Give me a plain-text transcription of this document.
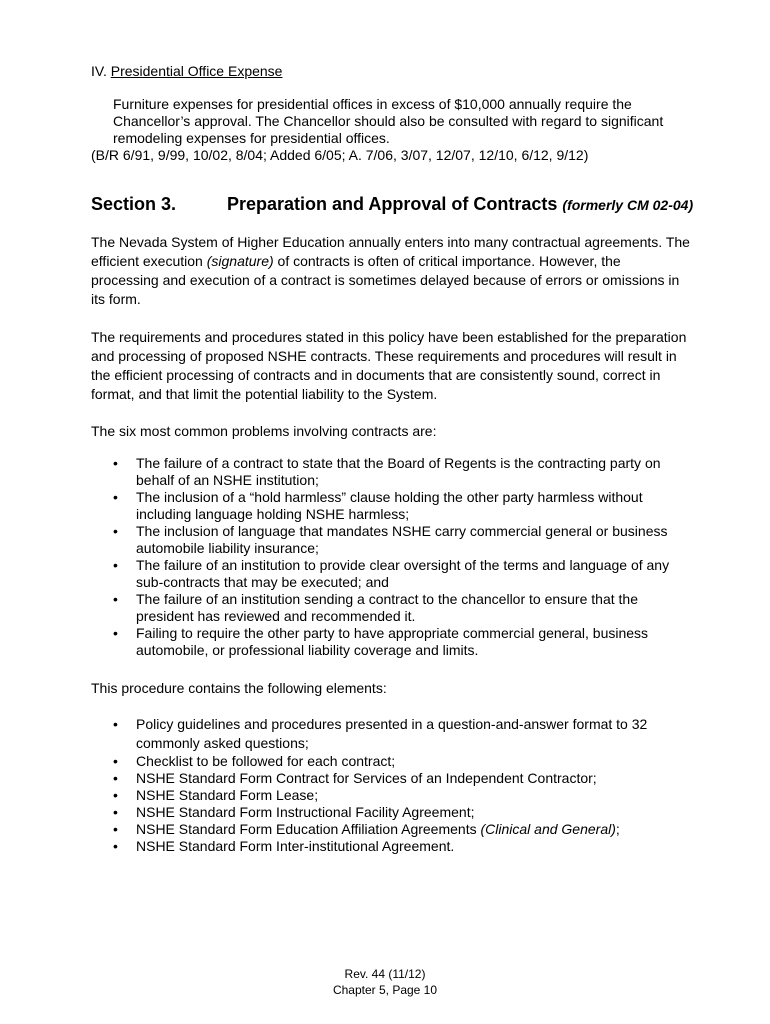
IV. Presidential Office Expense
Furniture expenses for presidential offices in excess of $10,000 annually require the Chancellor’s approval. The Chancellor should also be consulted with regard to significant remodeling expenses for presidential offices.
(B/R 6/91, 9/99, 10/02, 8/04; Added 6/05; A. 7/06, 3/07, 12/07, 12/10, 6/12, 9/12)
Section 3.	Preparation and Approval of Contracts (formerly CM 02-04)
The Nevada System of Higher Education annually enters into many contractual agreements. The efficient execution (signature) of contracts is often of critical importance. However, the processing and execution of a contract is sometimes delayed because of errors or omissions in its form.
The requirements and procedures stated in this policy have been established for the preparation and processing of proposed NSHE contracts. These requirements and procedures will result in the efficient processing of contracts and in documents that are consistently sound, correct in format, and that limit the potential liability to the System.
The six most common problems involving contracts are:
• The failure of a contract to state that the Board of Regents is the contracting party on behalf of an NSHE institution;
• The inclusion of a “hold harmless” clause holding the other party harmless without including language holding NSHE harmless;
• The inclusion of language that mandates NSHE carry commercial general or business automobile liability insurance;
• The failure of an institution to provide clear oversight of the terms and language of any sub-contracts that may be executed; and
• The failure of an institution sending a contract to the chancellor to ensure that the president has reviewed and recommended it.
• Failing to require the other party to have appropriate commercial general, business automobile, or professional liability coverage and limits.
This procedure contains the following elements:
• Policy guidelines and procedures presented in a question-and-answer format to 32 commonly asked questions;
• Checklist to be followed for each contract;
• NSHE Standard Form Contract for Services of an Independent Contractor;
• NSHE Standard Form Lease;
• NSHE Standard Form Instructional Facility Agreement;
• NSHE Standard Form Education Affiliation Agreements (Clinical and General);
• NSHE Standard Form Inter-institutional Agreement.
Rev. 44 (11/12)
Chapter 5, Page 10
